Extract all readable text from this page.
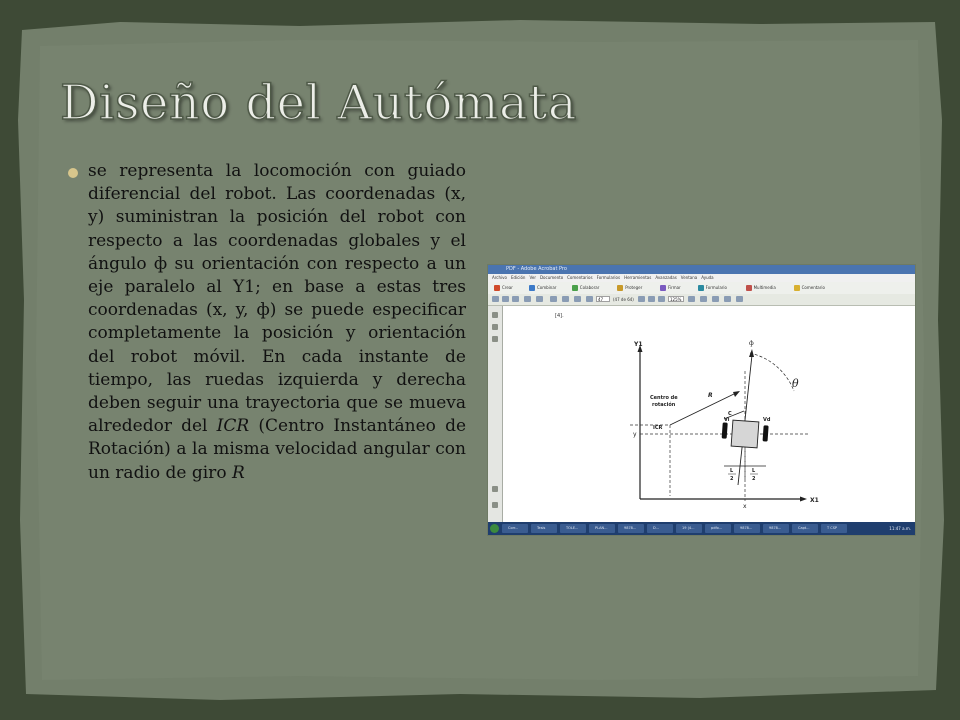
Diseño del Autómata

se representa la locomoción con guiado diferencial del robot. Las coordenadas (x, y) suministran la posición del robot con respecto a las coordenadas globales y el ángulo ф su orientación con respecto a un eje paralelo al Y1; en base a estas tres coordenadas (x, y, ф) se puede especificar completamente la posición y orientación del robot móvil. En cada instante de tiempo, las ruedas izquierda y derecha deben seguir una trayectoria que se mueva alrededor del ICR (Centro Instantáneo de Rotación) a la misma velocidad angular con un radio de giro R

PDF - Adobe Acrobat Pro
Archivo Edición Ver Documento Comentarios Formularios Herramientas Avanzadas Ventana Ayuda
Crear	Combinar	Colaborar	Proteger	Firmar	Formulario	Multimedia	Comentario
47	(47 de 64)	125%
[4].
Y1
X1
y
x
Centro de
rotación
ICR
R
C
θ
ф
Vi	Vd
L
2
L
2
11:47 a.m.
Corr...	Tesis	TOLE...	PLAN...	9878...	D...	19 (4...	pdfo...	9878...	9878...	Capt...	T CSP
